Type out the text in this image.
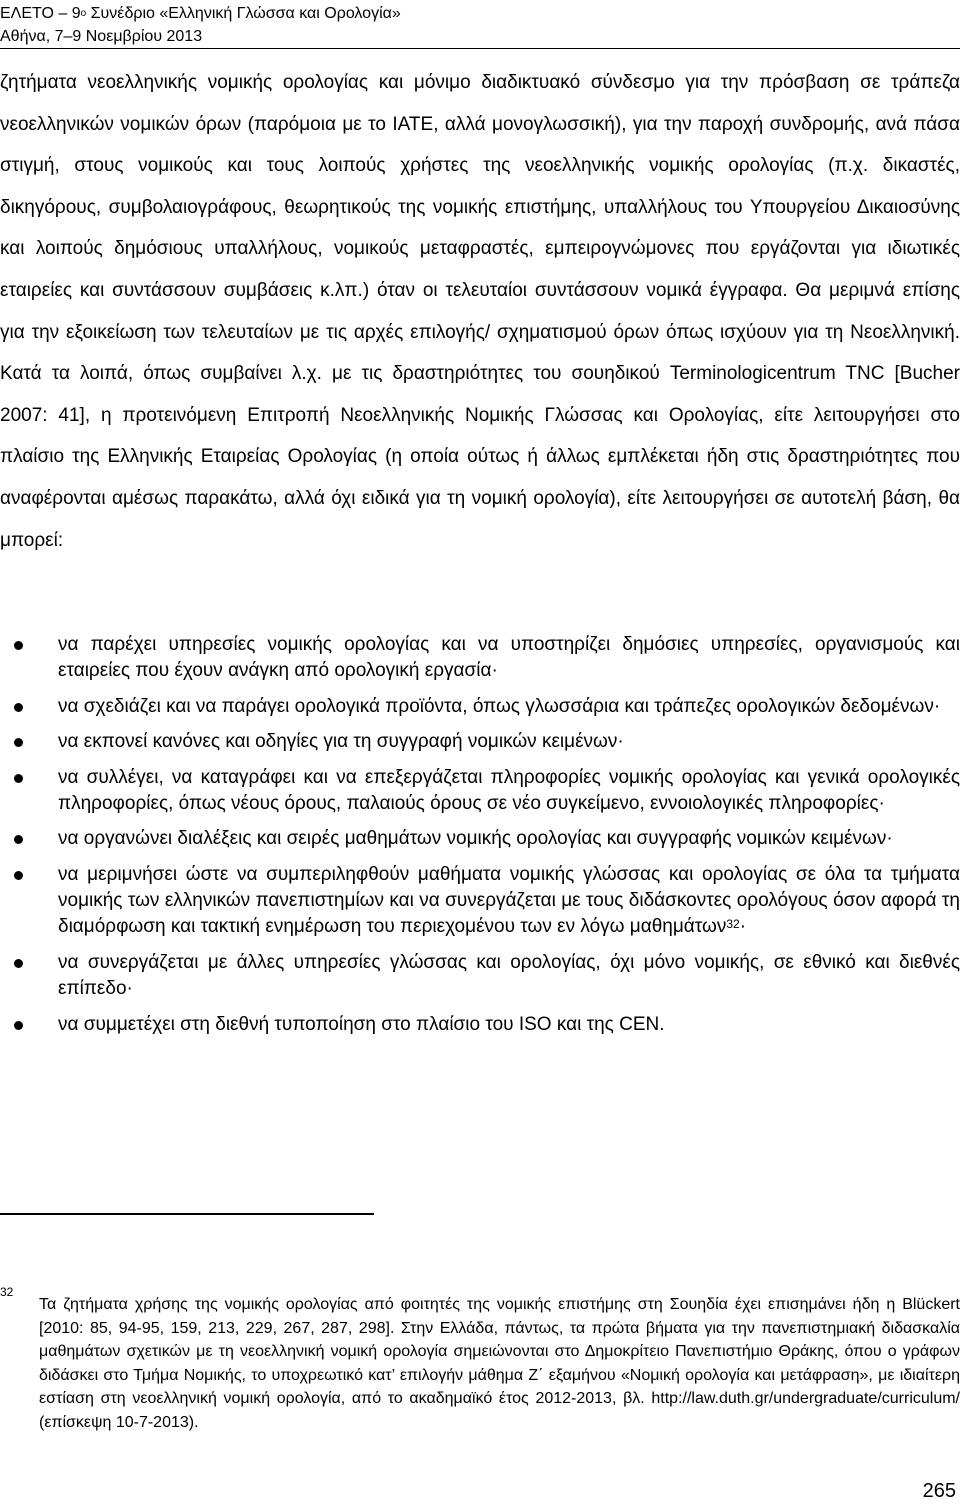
ΕΛΕΤΟ – $9^o$ Συνέδριο «Ελληνική Γλώσσα και Ορολογία»
Αθήνα, 7–9 Νοεμβρίου 2013
ζητήματα νεοελληνικής νομικής ορολογίας και μόνιμο διαδικτυακό σύνδεσμο για την πρόσβαση σε τράπεζα νεοελληνικών νομικών όρων (παρόμοια με το IATE, αλλά μονογλωσσική), για την παροχή συνδρομής, ανά πάσα στιγμή, στους νομικούς και τους λοιπούς χρήστες της νεοελληνικής νομικής ορολογίας (π.χ. δικαστές, δικηγόρους, συμβολαιογράφους, θεωρητικούς της νομικής επιστήμης, υπαλλήλους του Υπουργείου Δικαιοσύνης και λοιπούς δημόσιους υπαλλήλους, νομικούς μεταφραστές, εμπειρογνώμονες που εργάζονται για ιδιωτικές εταιρείες και συντάσσουν συμβάσεις κ.λπ.) όταν οι τελευταίοι συντάσσουν νομικά έγγραφα. Θα μεριμνά επίσης για την εξοικείωση των τελευταίων με τις αρχές επιλογής/ σχηματισμού όρων όπως ισχύουν για τη Νεοελληνική. Κατά τα λοιπά, όπως συμβαίνει λ.χ. με τις δραστηριότητες του σουηδικού Terminologicentrum TNC [Bucher 2007: 41], η προτεινόμενη Επιτροπή Νεοελληνικής Νομικής Γλώσσας και Ορολογίας, είτε λειτουργήσει στο πλαίσιο της Ελληνικής Εταιρείας Ορολογίας (η οποία ούτως ή άλλως εμπλέκεται ήδη στις δραστηριότητες που αναφέρονται αμέσως παρακάτω, αλλά όχι ειδικά για τη νομική ορολογία), είτε λειτουργήσει σε αυτοτελή βάση, θα μπορεί:
να παρέχει υπηρεσίες νομικής ορολογίας και να υποστηρίζει δημόσιες υπηρεσίες, οργανισμούς και εταιρείες που έχουν ανάγκη από ορολογική εργασία·
να σχεδιάζει και να παράγει ορολογικά προϊόντα, όπως γλωσσάρια και τράπεζες ορολογικών δεδομένων·
να εκπονεί κανόνες και οδηγίες για τη συγγραφή νομικών κειμένων·
να συλλέγει, να καταγράφει και να επεξεργάζεται πληροφορίες νομικής ορολογίας και γενικά ορολογικές πληροφορίες, όπως νέους όρους, παλαιούς όρους σε νέο συγκείμενο, εννοιολογικές πληροφορίες·
να οργανώνει διαλέξεις και σειρές μαθημάτων νομικής ορολογίας και συγγραφής νομικών κειμένων·
να μεριμνήσει ώστε να συμπεριληφθούν μαθήματα νομικής γλώσσας και ορολογίας σε όλα τα τμήματα νομικής των ελληνικών πανεπιστημίων και να συνεργάζεται με τους διδάσκοντες ορολόγους όσον αφορά τη διαμόρφωση και τακτική ενημέρωση του περιεχομένου των εν λόγω μαθημάτων$^{32}$·
να συνεργάζεται με άλλες υπηρεσίες γλώσσας και ορολογίας, όχι μόνο νομικής, σε εθνικό και διεθνές επίπεδο·
να συμμετέχει στη διεθνή τυποποίηση στο πλαίσιο του ISO και της CEN.
32
Τα ζητήματα χρήσης της νομικής ορολογίας από φοιτητές της νομικής επιστήμης στη Σουηδία έχει επισημάνει ήδη η Blückert [2010: 85, 94-95, 159, 213, 229, 267, 287, 298]. Στην Ελλάδα, πάντως, τα πρώτα βήματα για την πανεπιστημιακή διδασκαλία μαθημάτων σχετικών με τη νεοελληνική νομική ορολογία σημειώνονται στο Δημοκρίτειο Πανεπιστήμιο Θράκης, όπου ο γράφων διδάσκει στο Τμήμα Νομικής, το υποχρεωτικό κατ’ επιλογήν μάθημα Ζ΄ εξαμήνου «Νομική ορολογία και μετάφραση», με ιδιαίτερη εστίαση στη νεοελληνική νομική ορολογία, από το ακαδημαϊκό έτος 2012-2013, βλ. http://law.duth.gr/undergraduate/curriculum/ (επίσκεψη 10-7-2013).
265
